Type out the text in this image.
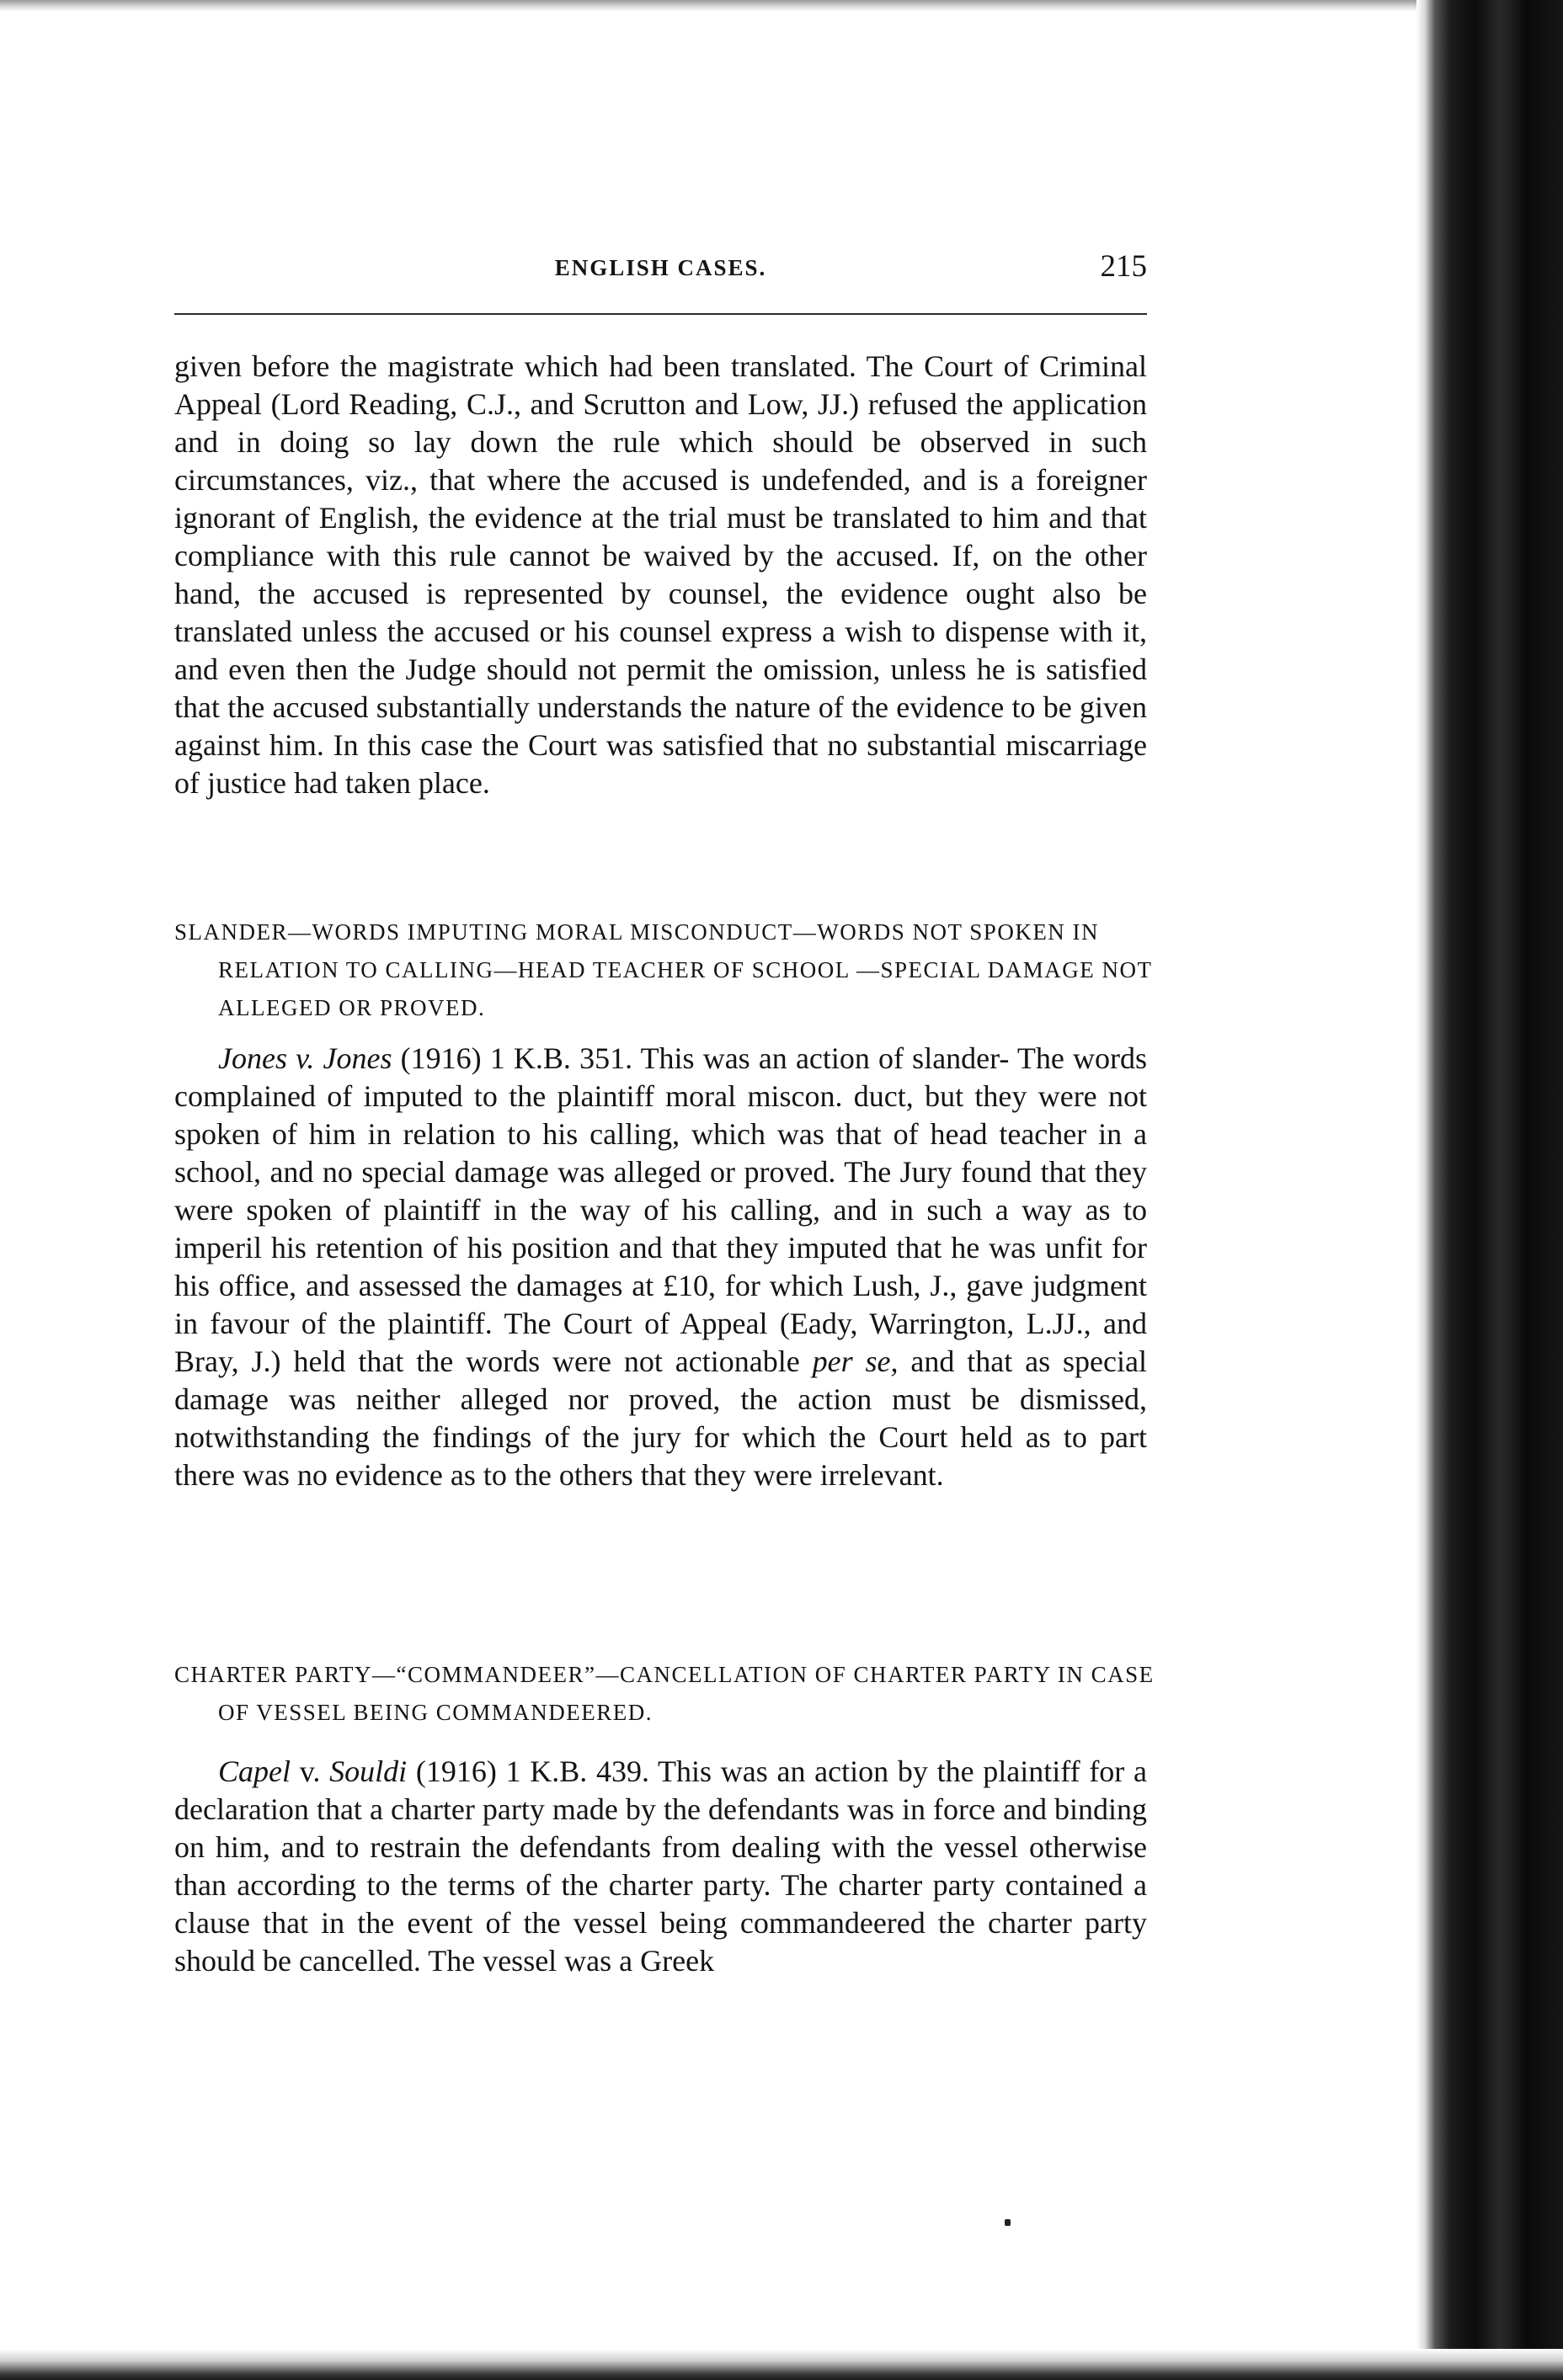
ENGLISH CASES.	215

given before the magistrate which had been translated. The Court of Criminal Appeal (Lord Reading, C.J., and Scrutton and Low, JJ.) refused the application and in doing so lay down the rule which should be observed in such circumstances, viz., that where the accused is undefended, and is a foreigner ignorant of English, the evidence at the trial must be translated to him and that compliance with this rule cannot be waived by the accused. If, on the other hand, the accused is represented by counsel, the evidence ought also be translated unless the accused or his counsel express a wish to dispense with it, and even then the Judge should not permit the omission, unless he is satisfied that the accused substantially understands the nature of the evidence to be given against him. In this case the Court was satisfied that no substantial miscarriage of justice had taken place.

SLANDER—WORDS IMPUTING MORAL MISCONDUCT—WORDS NOT SPOKEN IN RELATION TO CALLING—HEAD TEACHER OF SCHOOL —SPECIAL DAMAGE NOT ALLEGED OR PROVED.

Jones v. Jones (1916) 1 K.B. 351. This was an action of slander- The words complained of imputed to the plaintiff moral miscon. duct, but they were not spoken of him in relation to his calling, which was that of head teacher in a school, and no special damage was alleged or proved. The Jury found that they were spoken of plaintiff in the way of his calling, and in such a way as to imperil his retention of his position and that they imputed that he was unfit for his office, and assessed the damages at £10, for which Lush, J., gave judgment in favour of the plaintiff. The Court of Appeal (Eady, Warrington, L.JJ., and Bray, J.) held that the words were not actionable per se, and that as special damage was neither alleged nor proved, the action must be dismissed, notwithstanding the findings of the jury for which the Court held as to part there was no evidence as to the others that they were irrelevant.

CHARTER PARTY—“COMMANDEER”—CANCELLATION OF CHARTER PARTY IN CASE OF VESSEL BEING COMMANDEERED.

Capel v. Souldi (1916) 1 K.B. 439. This was an action by the plaintiff for a declaration that a charter party made by the defendants was in force and binding on him, and to restrain the defendants from dealing with the vessel otherwise than according to the terms of the charter party. The charter party contained a clause that in the event of the vessel being commandeered the charter party should be cancelled. The vessel was a Greek
